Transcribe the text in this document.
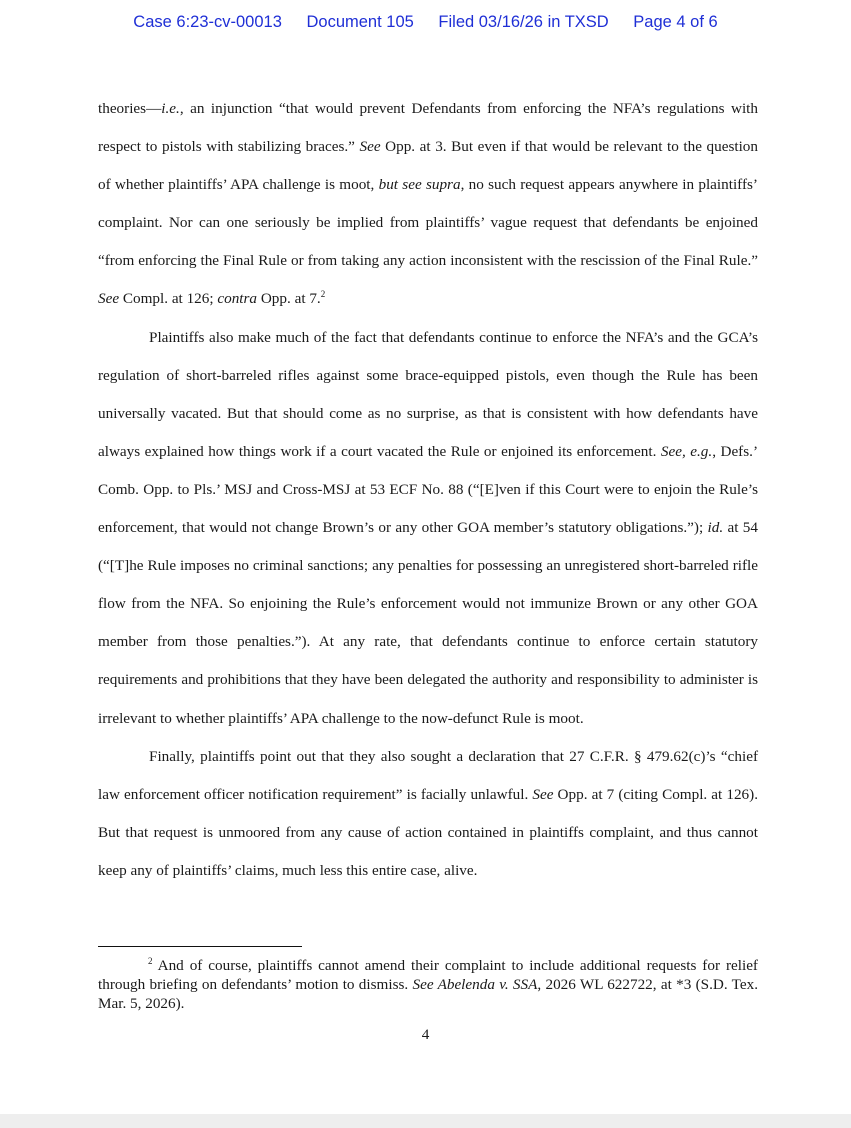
Case 6:23-cv-00013 Document 105 Filed 03/16/26 in TXSD Page 4 of 6

theories—i.e., an injunction “that would prevent Defendants from enforcing the NFA’s regulations with respect to pistols with stabilizing braces.” See Opp. at 3. But even if that would be relevant to the question of whether plaintiffs’ APA challenge is moot, but see supra, no such request appears anywhere in plaintiffs’ complaint. Nor can one seriously be implied from plaintiffs’ vague request that defendants be enjoined “from enforcing the Final Rule or from taking any action inconsistent with the rescission of the Final Rule.” See Compl. at 126; contra Opp. at 7.$^2$

Plaintiffs also make much of the fact that defendants continue to enforce the NFA’s and the GCA’s regulation of short-barreled rifles against some brace-equipped pistols, even though the Rule has been universally vacated. But that should come as no surprise, as that is consistent with how defendants have always explained how things work if a court vacated the Rule or enjoined its enforcement. See, e.g., Defs.’ Comb. Opp. to Pls.’ MSJ and Cross-MSJ at 53 ECF No. 88 (“[E]ven if this Court were to enjoin the Rule’s enforcement, that would not change Brown’s or any other GOA member’s statutory obligations.”); id. at 54 (“[T]he Rule imposes no criminal sanctions; any penalties for possessing an unregistered short-barreled rifle flow from the NFA. So enjoining the Rule’s enforcement would not immunize Brown or any other GOA member from those penalties.”). At any rate, that defendants continue to enforce certain statutory requirements and prohibitions that they have been delegated the authority and responsibility to administer is irrelevant to whether plaintiffs’ APA challenge to the now-defunct Rule is moot.

Finally, plaintiffs point out that they also sought a declaration that 27 C.F.R. § 479.62(c)’s “chief law enforcement officer notification requirement” is facially unlawful. See Opp. at 7 (citing Compl. at 126). But that request is unmoored from any cause of action contained in plaintiffs complaint, and thus cannot keep any of plaintiffs’ claims, much less this entire case, alive.

$^2$ And of course, plaintiffs cannot amend their complaint to include additional requests for relief through briefing on defendants’ motion to dismiss. See Abelenda v. SSA, 2026 WL 622722, at *3 (S.D. Tex. Mar. 5, 2026).
4
